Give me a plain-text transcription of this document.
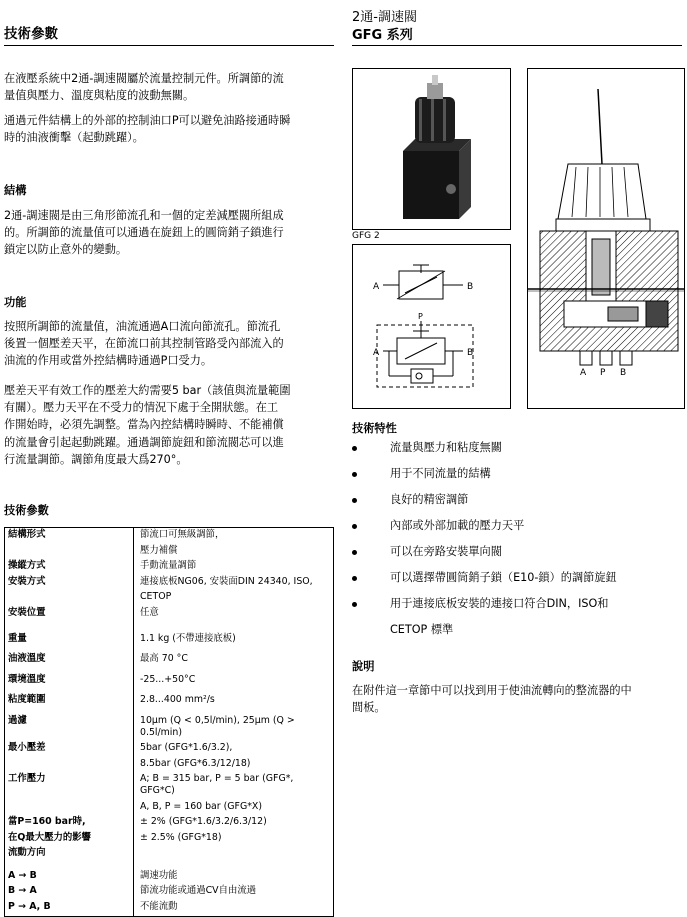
技術參數
2通-調速閥
GFG 系列
在液壓系統中2通-調速閥屬於流量控制元件。所調節的流
量值與壓力、溫度與粘度的波動無關。
通過元件結構上的外部的控制油口P可以避免油路接通時瞬
時的油液衝擊（起動跳躍）。
結構
2通-調速閥是由三角形節流孔和一個的定差減壓閥所組成
的。所調節的流量值可以通過在旋鈕上的圓筒銷子鎖進行
鎖定以防止意外的變動。
功能
按照所調節的流量值，油流通過A口流向節流孔。節流孔
後置一個壓差天平，在節流口前其控制管路受內部流入的
油流的作用或當外控結構時通過P口受力。
壓差天平有效工作的壓差大約需要5 bar（該值與流量範圍
有關）。壓力天平在不受力的情況下處于全開狀態。在工
作開始時，必須先調整。當為內控結構時瞬時、不能補償
的流量會引起起動跳躍。通過調節旋鈕和節流閥芯可以進
行流量調節。調節角度最大爲270°。
技術參數
結構形式	節流口可無級調節，
	壓力補償
操縱方式	手動流量調節
安裝方式	連接底板NG06, 安裝面DIN 24340, ISO,
	CETOP
安裝位置	任意
重量	1.1 kg (不帶連接底板)
油液溫度	最高 70 °C
環境溫度	-25...+50°C
粘度範圍	2.8...400 mm²/s
過濾	10μm (Q < 0,5l/min), 25μm (Q > 0.5l/min)
最小壓差	5bar (GFG*1.6/3.2),
	8.5bar (GFG*6.3/12/18)
工作壓力	A; B = 315 bar, P = 5 bar (GFG*, GFG*C)
	A, B, P = 160 bar (GFG*X)
當P=160 bar時,	± 2% (GFG*1.6/3.2/6.3/12)
在Q最大壓力的影響	± 2.5% (GFG*18)
流動方向	
A → B	調速功能
B → A	節流功能或通過CV自由流過
P → A, B	不能流動
GFG 2
A	B
A	B
P
A P B
技術特性
流量與壓力和粘度無關
用于不同流量的結構
良好的精密調節
內部或外部加載的壓力天平
可以在旁路安裝單向閥
可以選擇帶圓筒銷子鎖（E10-鎖）的調節旋鈕
用于連接底板安裝的連接口符合DIN，ISO和
CETOP 標準
說明
在附件這一章節中可以找到用于使油流轉向的整流器的中
間板。
